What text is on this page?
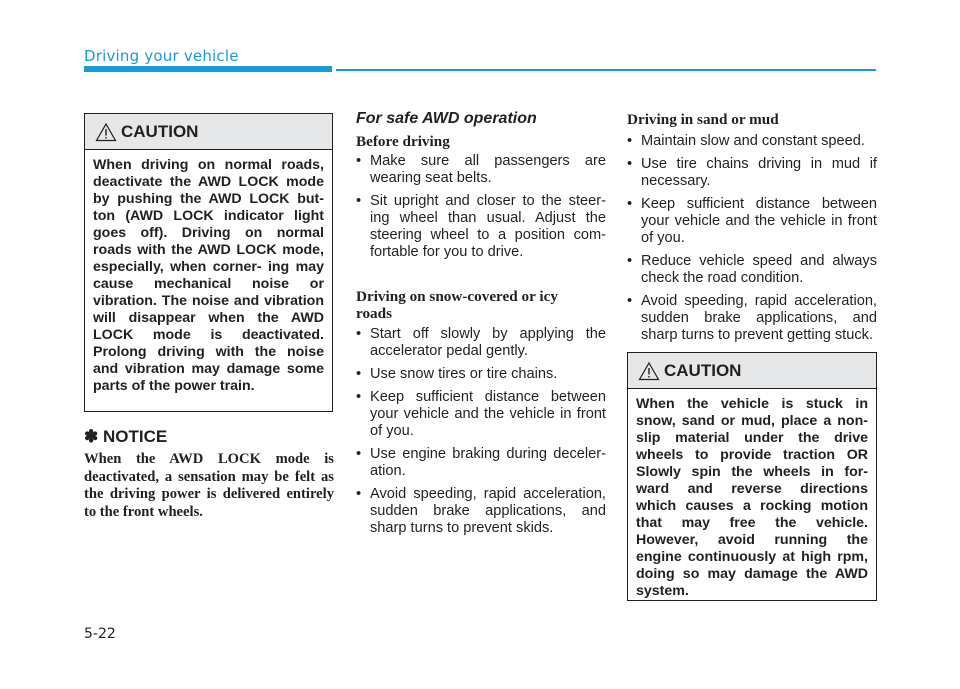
Driving your vehicle
CAUTION
When driving on normal roads, deactivate the AWD LOCK mode by pushing the AWD LOCK but- ton (AWD LOCK indicator light goes off). Driving on normal roads with the AWD LOCK mode, especially, when corner- ing may cause mechanical noise or vibration. The noise and vibration will disappear when the AWD LOCK mode is deactivated. Prolong driving with the noise and vibration may damage some parts of the power train.
✽ NOTICE
When the AWD LOCK mode is deactivated, a sensation may be felt as the driving power is delivered entirely to the front wheels.
For safe AWD operation
Before driving
• Make sure all passengers are wearing seat belts.
• Sit upright and closer to the steer- ing wheel than usual. Adjust the steering wheel to a position com- fortable for you to drive.
Driving on snow-covered or icy roads
• Start off slowly by applying the accelerator pedal gently.
• Use snow tires or tire chains.
• Keep sufficient distance between your vehicle and the vehicle in front of you.
• Use engine braking during deceler- ation.
• Avoid speeding, rapid acceleration, sudden brake applications, and sharp turns to prevent skids.
Driving in sand or mud
• Maintain slow and constant speed.
• Use tire chains driving in mud if necessary.
• Keep sufficient distance between your vehicle and the vehicle in front of you.
• Reduce vehicle speed and always check the road condition.
• Avoid speeding, rapid acceleration, sudden brake applications, and sharp turns to prevent getting stuck.
CAUTION
When the vehicle is stuck in snow, sand or mud, place a non- slip material under the drive wheels to provide traction OR Slowly spin the wheels in for- ward and reverse directions which causes a rocking motion that may free the vehicle. However, avoid running the engine continuously at high rpm, doing so may damage the AWD system.
5-22
